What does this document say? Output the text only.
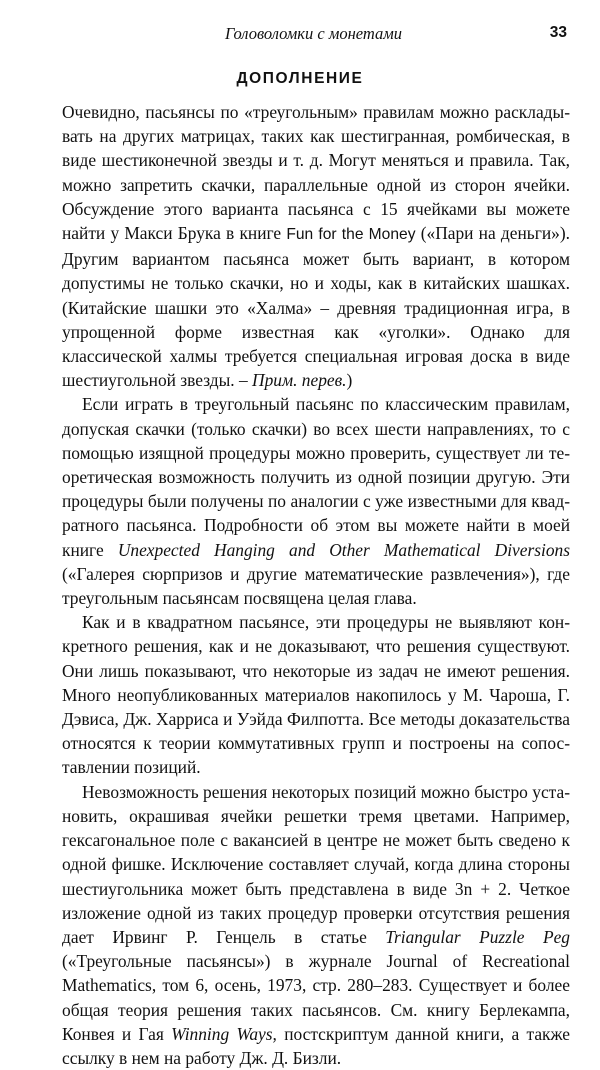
Головоломки с монетами	33
ДОПОЛНЕНИЕ

Очевидно, пасьянсы по «треугольным» правилам можно раскладывать на других матрицах, таких как шестигранная, ромбическая, в виде шестиконечной звезды и т. д. Могут меняться и правила. Так, можно запретить скачки, параллельные одной из сторон ячейки. Обсуждение этого варианта пасьянса с 15 ячейками вы можете найти у Макси Брука в книге Fun for the Money («Пари на деньги»). Другим вариантом пасьянса может быть вариант, в котором допустимы не только скачки, но и ходы, как в китайских шашках. (Китайские шашки это «Халма» – древняя традиционная игра, в упрощенной форме известная как «уголки». Однако для классической халмы требуется специальная игровая доска в виде шестиугольной звезды. – Прим. перев.)

Если играть в треугольный пасьянс по классическим правилам, допуская скачки (только скачки) во всех шести направлениях, то с помощью изящной процедуры можно проверить, существует ли теоретическая возможность получить из одной позиции другую. Эти процедуры были получены по аналогии с уже известными для квадратного пасьянса. Подробности об этом вы можете найти в моей книге Unexpected Hanging and Other Mathematical Diversions («Галерея сюрпризов и другие математические развлечения»), где треугольным пасьянсам посвящена целая глава.

Как и в квадратном пасьянсе, эти процедуры не выявляют конкретного решения, как и не доказывают, что решения существуют. Они лишь показывают, что некоторые из задач не имеют решения. Много неопубликованных материалов накопилось у М. Чароша, Г. Дэвиса, Дж. Харриса и Уэйда Филпотта. Все методы доказательства относятся к теории коммутативных групп и построены на сопоставлении позиций.

Невозможность решения некоторых позиций можно быстро установить, окрашивая ячейки решетки тремя цветами. Например, гексагональное поле с вакансией в центре не может быть сведено к одной фишке. Исключение составляет случай, когда длина стороны шестиугольника может быть представлена в виде 3n + 2. Четкое изложение одной из таких процедур проверки отсутствия решения дает Ирвинг Р. Генцель в статье Triangular Puzzle Peg («Треугольные пасьянсы») в журнале Journal of Recreational Mathematics, том 6, осень, 1973, стр. 280–283. Существует и более общая теория решения таких пасьянсов. См. книгу Берлекампа, Конвея и Гая Winning Ways, постскриптум данной книги, а также ссылку в нем на работу Дж. Д. Бизли.
